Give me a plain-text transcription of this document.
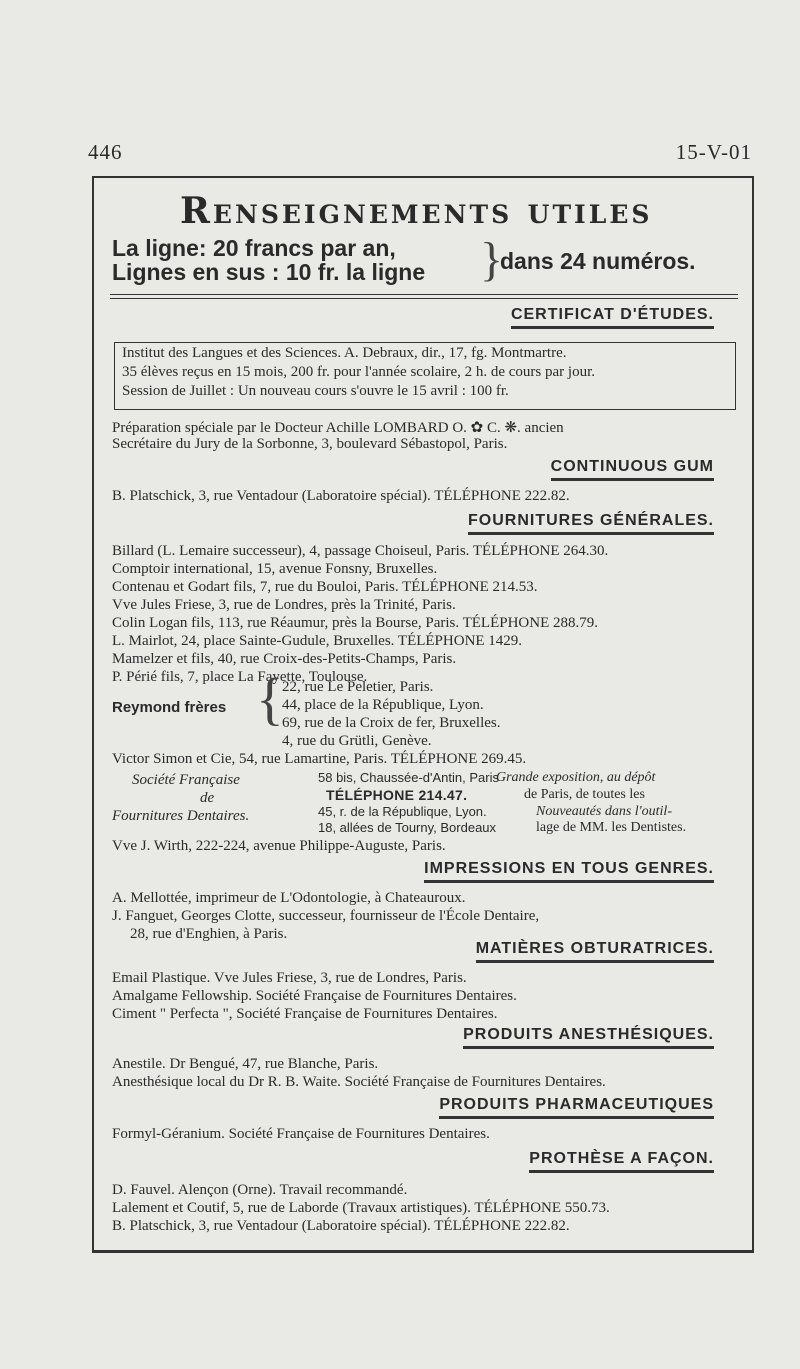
446	15-V-01
Renseignements utiles
La ligne: 20 francs par an,
Lignes en sus : 10 fr. la ligne }
dans 24 numéros.
CERTIFICAT D'ÉTUDES.
Institut des Langues et des Sciences. A. Debraux, dir., 17, fg. Montmartre.
35 élèves reçus en 15 mois, 200 fr. pour l'année scolaire, 2 h. de cours par jour.
Session de Juillet : Un nouveau cours s'ouvre le 15 avril : 100 fr.
Préparation spéciale par le Docteur Achille LOMBARD O. ✿ C. ❋. ancien
Secrétaire du Jury de la Sorbonne, 3, boulevard Sébastopol, Paris.
CONTINUOUS GUM
B. Platschick, 3, rue Ventadour (Laboratoire spécial). TÉLÉPHONE 222.82.
FOURNITURES GÉNÉRALES.
Billard (L. Lemaire successeur), 4, passage Choiseul, Paris. TÉLÉPHONE 264.30.
Comptoir international, 15, avenue Fonsny, Bruxelles.
Contenau et Godart fils, 7, rue du Bouloi, Paris. TÉLÉPHONE 214.53.
Vve Jules Friese, 3, rue de Londres, près la Trinité, Paris.
Colin Logan fils, 113, rue Réaumur, près la Bourse, Paris. TÉLÉPHONE 288.79.
L. Mairlot, 24, place Sainte-Gudule, Bruxelles. TÉLÉPHONE 1429.
Mamelzer et fils, 40, rue Croix-des-Petits-Champs, Paris.
P. Périé fils, 7, place La Fayette, Toulouse.
Reymond frères {
22, rue Le Peletier, Paris.
44, place de la République, Lyon.
69, rue de la Croix de fer, Bruxelles.
4, rue du Grütli, Genève.
Victor Simon et Cie, 54, rue Lamartine, Paris. TÉLÉPHONE 269.45.
Société Française
de
Fournitures Dentaires.
58 bis, Chaussée-d'Antin, Paris
TÉLÉPHONE 214.47.
45, r. de la République, Lyon.
18, allées de Tourny, Bordeaux
Grande exposition, au dépôt
de Paris, de toutes les
Nouveautés dans l'outil-
lage de MM. les Dentistes.
Vve J. Wirth, 222-224, avenue Philippe-Auguste, Paris.
IMPRESSIONS EN TOUS GENRES.
A. Mellottée, imprimeur de L'Odontologie, à Chateauroux.
J. Fanguet, Georges Clotte, successeur, fournisseur de l'École Dentaire,
28, rue d'Enghien, à Paris.
MATIÈRES OBTURATRICES.
Email Plastique. Vve Jules Friese, 3, rue de Londres, Paris.
Amalgame Fellowship. Société Française de Fournitures Dentaires.
Ciment " Perfecta ", Société Française de Fournitures Dentaires.
PRODUITS ANESTHÉSIQUES.
Anestile. Dr Bengué, 47, rue Blanche, Paris.
Anesthésique local du Dr R. B. Waite. Société Française de Fournitures Dentaires.
PRODUITS PHARMACEUTIQUES
Formyl-Géranium. Société Française de Fournitures Dentaires.
PROTHÈSE A FAÇON.
D. Fauvel. Alençon (Orne). Travail recommandé.
Lalement et Coutif, 5, rue de Laborde (Travaux artistiques). TÉLÉPHONE 550.73.
B. Platschick, 3, rue Ventadour (Laboratoire spécial). TÉLÉPHONE 222.82.
